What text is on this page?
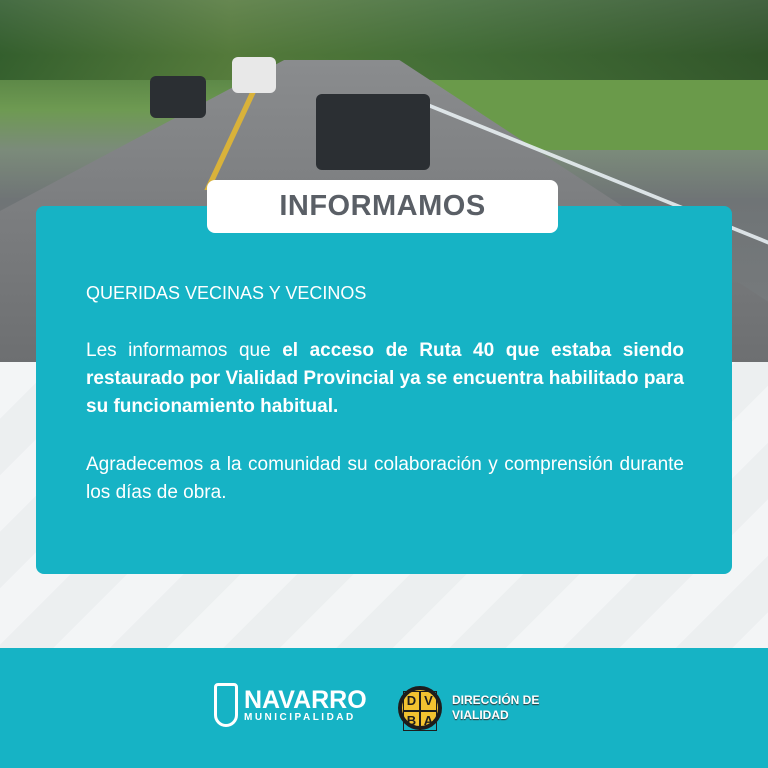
INFORMAMOS
QUERIDAS VECINAS Y VECINOS
Les informamos que el acceso de Ruta 40 que estaba siendo restaurado por Vialidad Provincial ya se encuentra habilitado para su funcionamiento habitual.
Agradecemos a la comunidad su colaboración y comprensión durante los días de obra.
NAVARRO
MUNICIPALIDAD
D V
B A
DIRECCIÓN DE
VIALIDAD
